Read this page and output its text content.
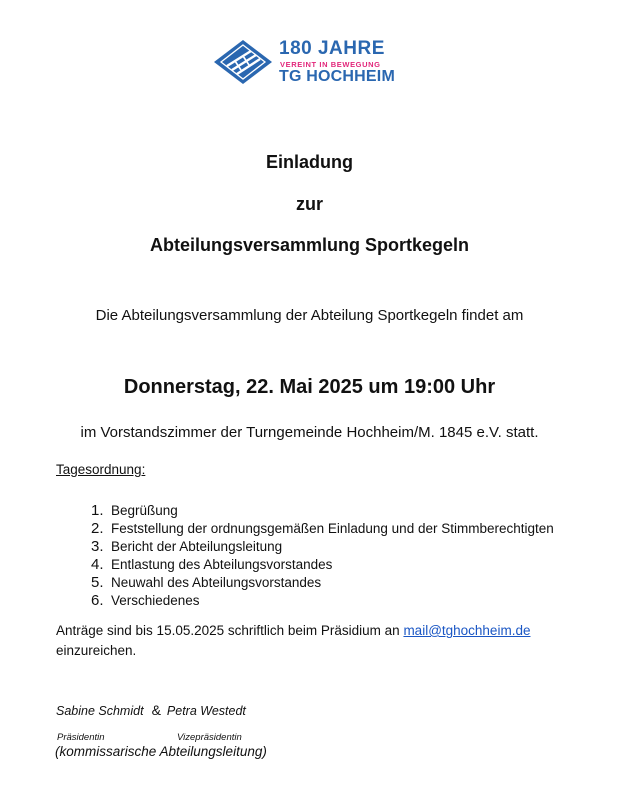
180 JAHRE
VEREINT IN BEWEGUNG
TG HOCHHEIM
Einladung
zur
Abteilungsversammlung Sportkegeln
Die Abteilungsversammlung der Abteilung Sportkegeln findet am
Donnerstag, 22. Mai 2025 um 19:00 Uhr
im Vorstandszimmer der Turngemeinde Hochheim/M. 1845 e.V. statt.
Tagesordnung:
1. Begrüßung
2. Feststellung der ordnungsgemäßen Einladung und der Stimmberechtigten
3. Bericht der Abteilungsleitung
4. Entlastung des Abteilungsvorstandes
5. Neuwahl des Abteilungsvorstandes
6. Verschiedenes
Anträge sind bis 15.05.2025 schriftlich beim Präsidium an mail@tghochheim.de
einzureichen.
Sabine Schmidt & Petra Westedt
Präsidentin	Vizepräsidentin
(kommissarische Abteilungsleitung)
